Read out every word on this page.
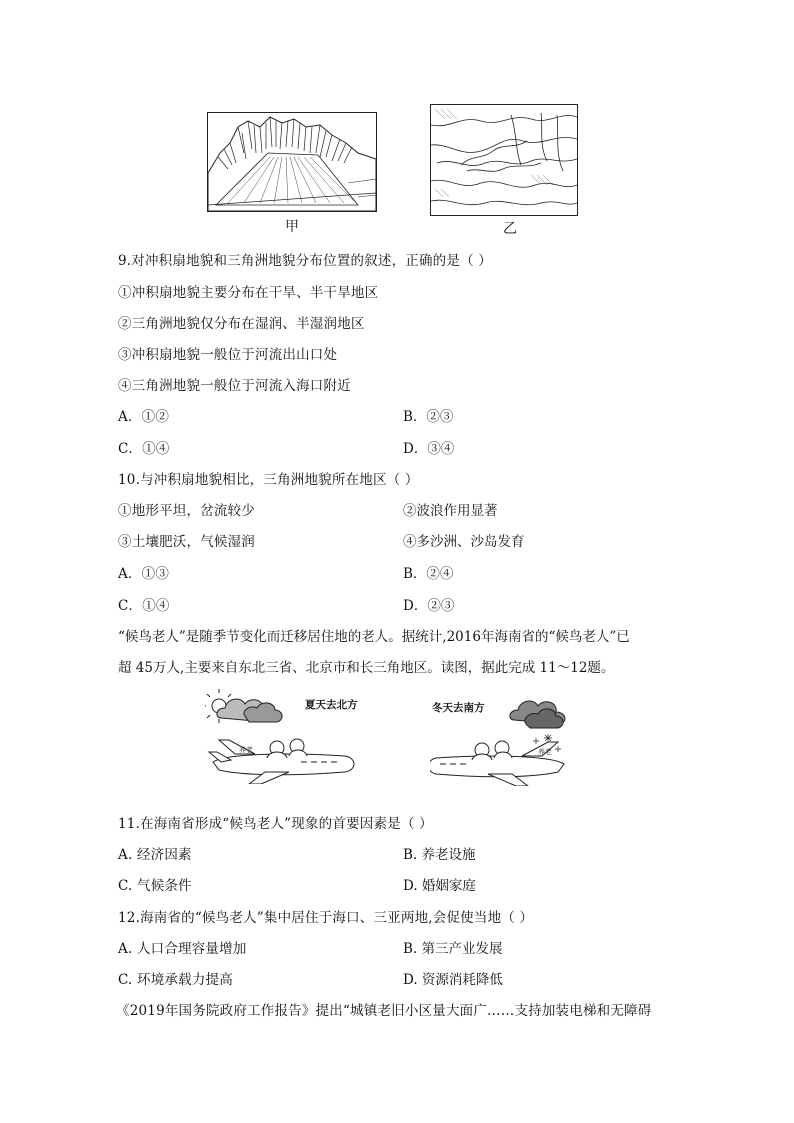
甲	乙
9.对冲积扇地貌和三角洲地貌分布位置的叙述，正确的是（ ）
①冲积扇地貌主要分布在干旱、半干旱地区
②三角洲地貌仅分布在湿润、半湿润地区
③冲积扇地貌一般位于河流出山口处
④三角洲地貌一般位于河流入海口附近
A．①②	B．②③
C．①④	D．③④
10.与冲积扇地貌相比，三角洲地貌所在地区（ ）
①地形平坦，岔流较少	②波浪作用显著
③土壤肥沃，气候湿润	④多沙洲、沙岛发育
A．①③	B．②④
C．①④	D．②③
“候鸟老人”是随季节变化而迁移居住地的老人。据统计,2016年海南省的“候鸟老人”已
超 45万人,主要来自东北三省、北京市和长三角地区。读图，据此完成 11～12题。
养老
夏天去北方
养老
冬天去南方
11.在海南省形成“候鸟老人”现象的首要因素是（ ）
A. 经济因素	B. 养老设施
C. 气候条件	D. 婚姻家庭
12.海南省的“候鸟老人”集中居住于海口、三亚两地,会促使当地（ ）
A. 人口合理容量增加	B. 第三产业发展
C. 环境承载力提高	D. 资源消耗降低
《2019年国务院政府工作报告》提出“城镇老旧小区量大面广……支持加装电梯和无障碍
